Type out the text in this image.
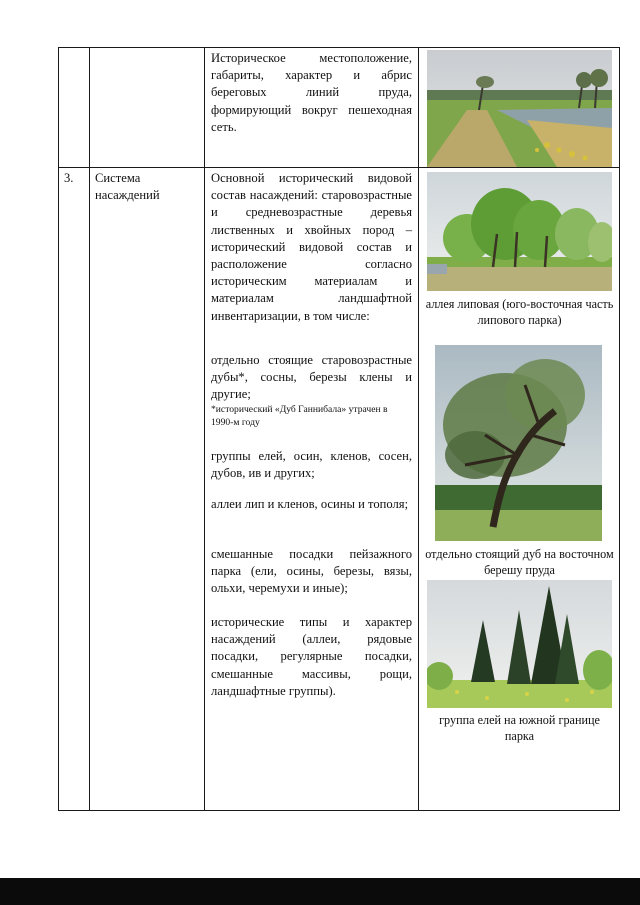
Историческое местоположение, габариты, характер и абрис береговых линий пруда, формирующий вокруг пешеходная сеть.

3.	Система насаждений

Основной исторический видовой состав насаждений: старовозрастные и средневозрастные деревья лиственных и хвойных пород – исторический видовой состав и расположение согласно историческим материалам и материалам ландшафтной инвентаризации, в том числе:

отдельно стоящие старовозрастные дубы*, сосны, березы клены и другие;

*исторический «Дуб Ганнибала» утрачен в 1990-м году

группы елей, осин, кленов, сосен, дубов, ив и других;

аллеи лип и кленов, осины и тополя;

смешанные посадки пейзажного парка (ели, осины, березы, вязы, ольхи, черемухи и иные);

исторические типы и характер насаждений (аллеи, рядовые посадки, регулярные посадки, смешанные массивы, рощи, ландшафтные группы).

аллея липовая (юго-восточная часть липового парка)
отдельно стоящий дуб на восточном берешу пруда
группа елей на южной границе парка
